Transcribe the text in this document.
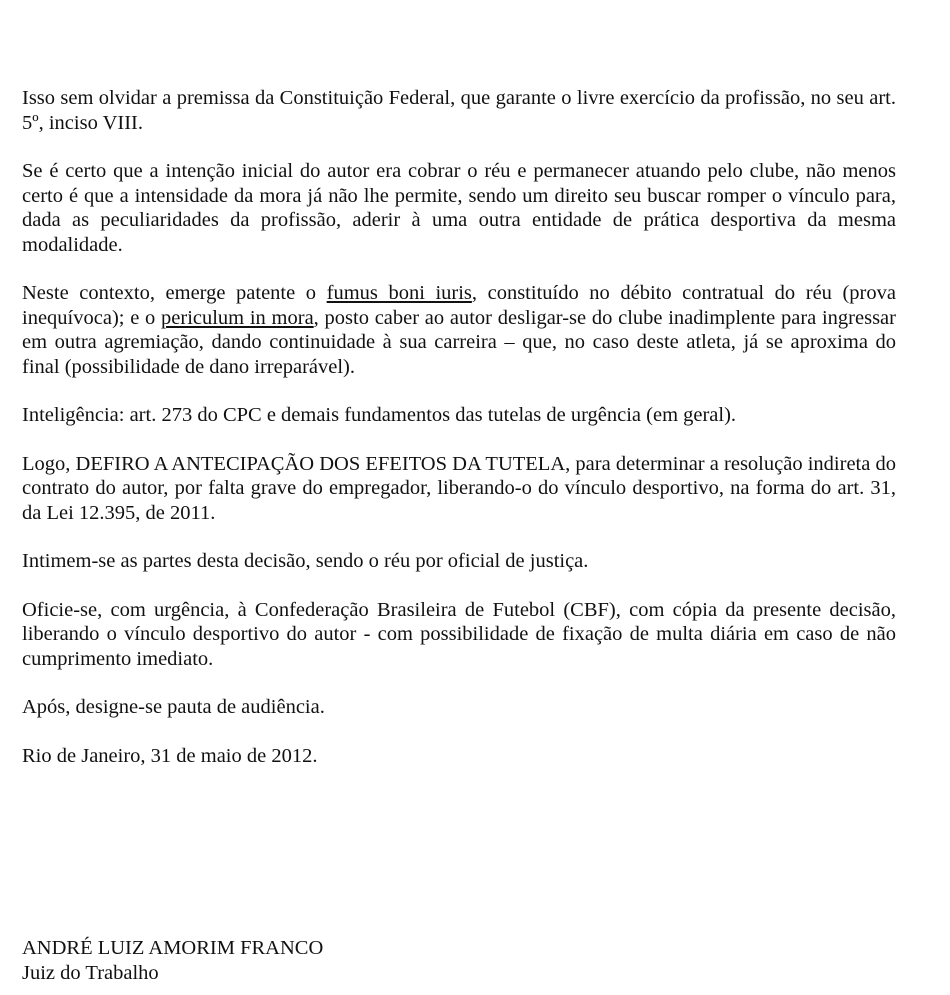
Isso sem olvidar a premissa da Constituição Federal, que garante o livre exercício da profissão, no seu art. 5º, inciso VIII.

Se é certo que a intenção inicial do autor era cobrar o réu e permanecer atuando pelo clube, não menos certo é que a intensidade da mora já não lhe permite, sendo um direito seu buscar romper o vínculo para, dada as peculiaridades da profissão, aderir à uma outra entidade de prática desportiva da mesma modalidade.

Neste contexto, emerge patente o fumus boni iuris, constituído no débito contratual do réu (prova inequívoca); e o periculum in mora, posto caber ao autor desligar-se do clube inadimplente para ingressar em outra agremiação, dando continuidade à sua carreira – que, no caso deste atleta, já se aproxima do final (possibilidade de dano irreparável).

Inteligência: art. 273 do CPC e demais fundamentos das tutelas de urgência (em geral).

Logo, DEFIRO A ANTECIPAÇÃO DOS EFEITOS DA TUTELA, para determinar a resolução indireta do contrato do autor, por falta grave do empregador, liberando-o do vínculo desportivo, na forma do art. 31, da Lei 12.395, de 2011.

Intimem-se as partes desta decisão, sendo o réu por oficial de justiça.

Oficie-se, com urgência, à Confederação Brasileira de Futebol (CBF), com cópia da presente decisão, liberando o vínculo desportivo do autor - com possibilidade de fixação de multa diária em caso de não cumprimento imediato.

Após, designe-se pauta de audiência.

Rio de Janeiro, 31 de maio de 2012.

ANDRÉ LUIZ AMORIM FRANCO
Juiz do Trabalho
